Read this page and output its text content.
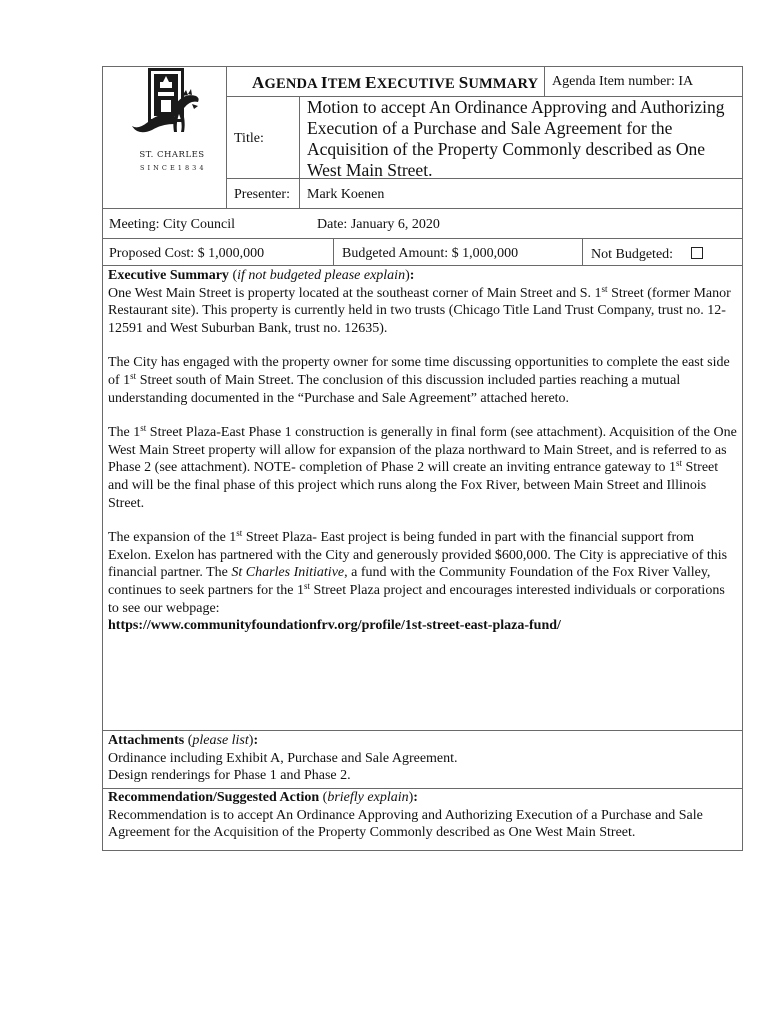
ST. CHARLES
S I N C E 1 8 3 4
AGENDA ITEM EXECUTIVE SUMMARY Agenda Item number: IA
Title:
Motion to accept An Ordinance Approving and Authorizing
Execution of a Purchase and Sale Agreement for the
Acquisition of the Property Commonly described as One
West Main Street.
Presenter: Mark Koenen
Meeting: City Council	Date: January 6, 2020
Proposed Cost: $ 1,000,000	Budgeted Amount: $ 1,000,000	Not Budgeted:
Executive Summary (if not budgeted please explain):

One West Main Street is property located at the southeast corner of Main Street and S. 1st Street (former Manor Restaurant site). This property is currently held in two trusts (Chicago Title Land Trust Company, trust no. 12-12591 and West Suburban Bank, trust no. 12635).

The City has engaged with the property owner for some time discussing opportunities to complete the east side of 1st Street south of Main Street. The conclusion of this discussion included parties reaching a mutual understanding documented in the “Purchase and Sale Agreement” attached hereto.

The 1st Street Plaza-East Phase 1 construction is generally in final form (see attachment). Acquisition of the One West Main Street property will allow for expansion of the plaza northward to Main Street, and is referred to as Phase 2 (see attachment). NOTE- completion of Phase 2 will create an inviting entrance gateway to 1st Street and will be the final phase of this project which runs along the Fox River, between Main Street and Illinois Street.

The expansion of the 1st Street Plaza- East project is being funded in part with the financial support from Exelon. Exelon has partnered with the City and generously provided $600,000. The City is appreciative of this financial partner. The St Charles Initiative, a fund with the Community Foundation of the Fox River Valley, continues to seek partners for the 1st Street Plaza project and encourages interested individuals or corporations to see our webpage:
https://www.communityfoundationfrv.org/profile/1st-street-east-plaza-fund/

Attachments (please list):
Ordinance including Exhibit A, Purchase and Sale Agreement.
Design renderings for Phase 1 and Phase 2.
Recommendation/Suggested Action (briefly explain):
Recommendation is to accept An Ordinance Approving and Authorizing Execution of a Purchase and Sale Agreement for the Acquisition of the Property Commonly described as One West Main Street.
